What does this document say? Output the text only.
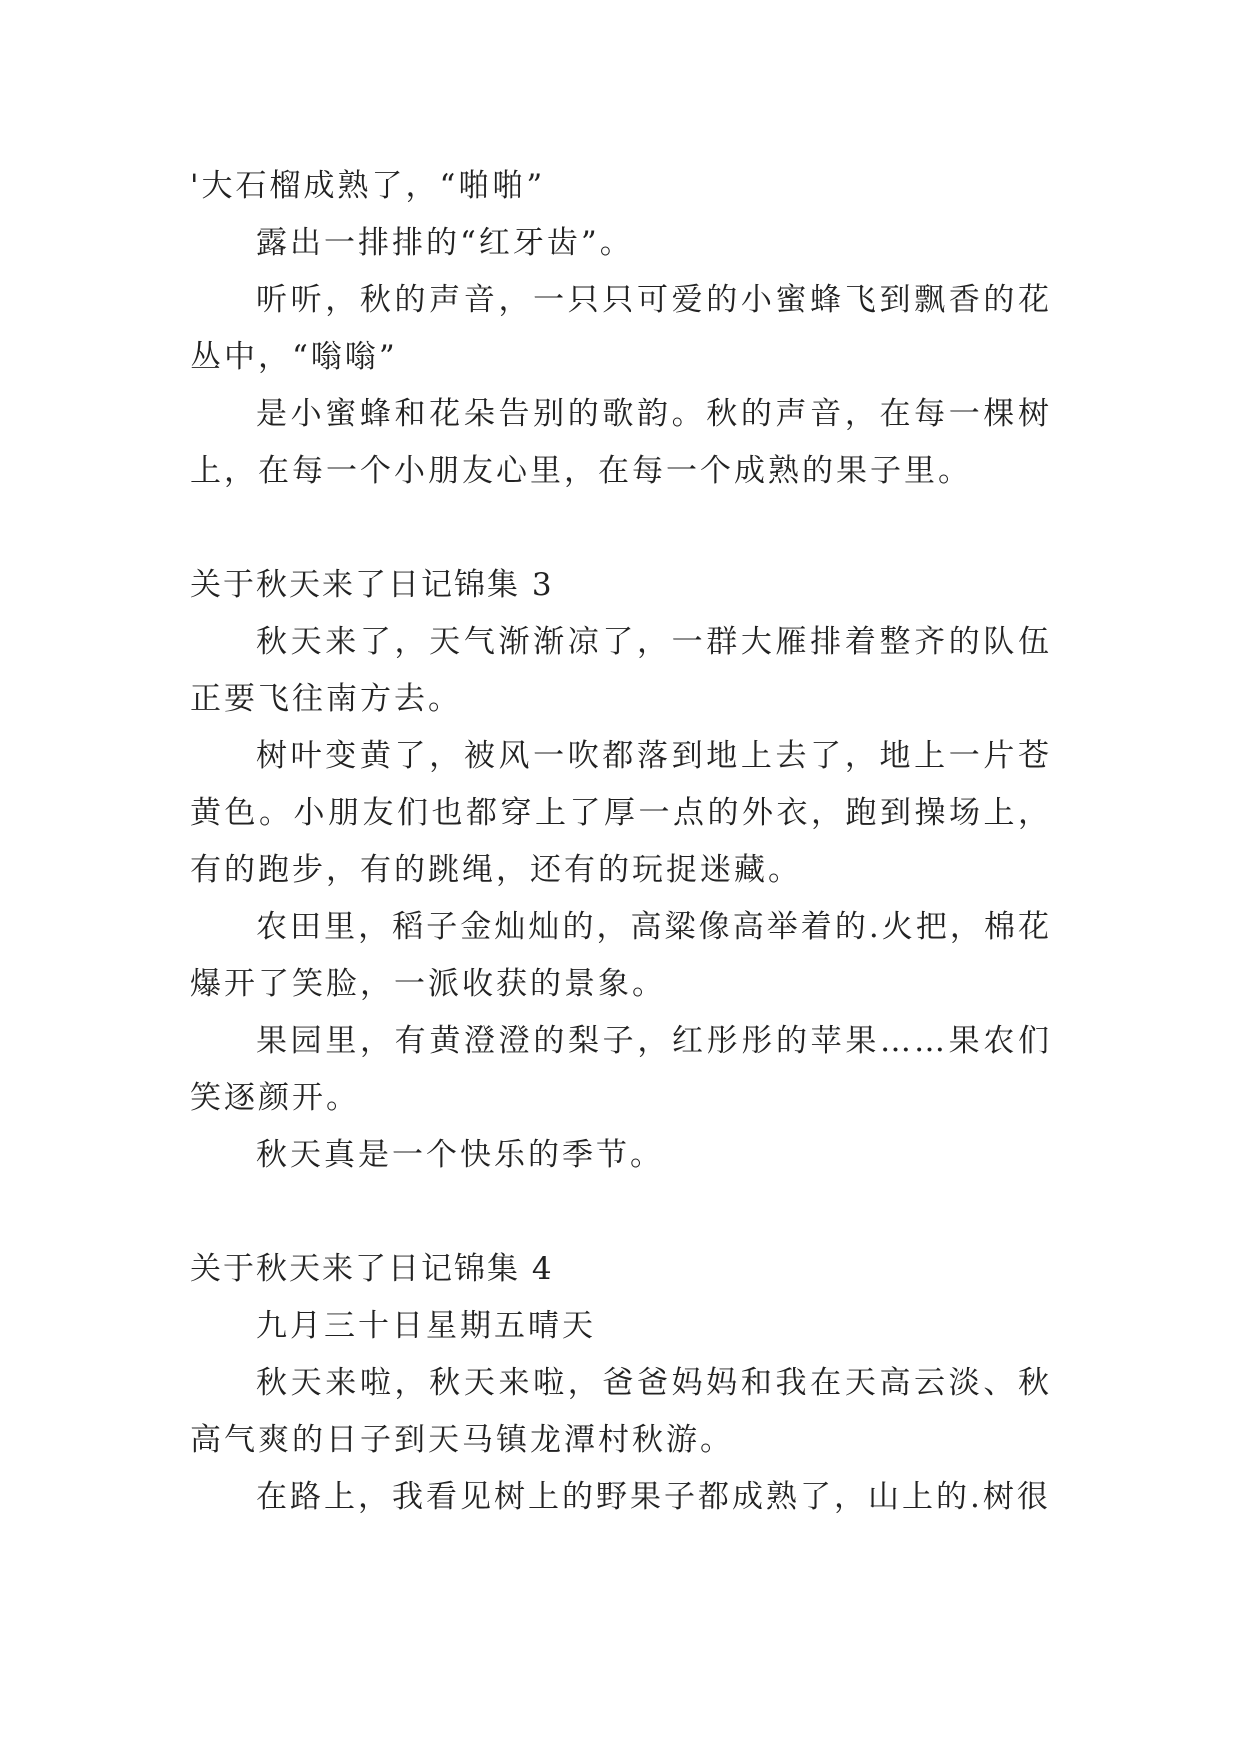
'大石榴成熟了，“啪啪”

露出一排排的“红牙齿”。

听听，秋的声音，一只只可爱的小蜜蜂飞到飘香的花丛中，“嗡嗡”

是小蜜蜂和花朵告别的歌韵。秋的声音，在每一棵树上，在每一个小朋友心里，在每一个成熟的果子里。

关于秋天来了日记锦集 3

秋天来了，天气渐渐凉了，一群大雁排着整齐的队伍正要飞往南方去。

树叶变黄了，被风一吹都落到地上去了，地上一片苍黄色。小朋友们也都穿上了厚一点的外衣，跑到操场上，有的跑步，有的跳绳，还有的玩捉迷藏。

农田里，稻子金灿灿的，高粱像高举着的.火把，棉花爆开了笑脸，一派收获的景象。

果园里，有黄澄澄的梨子，红彤彤的苹果……果农们笑逐颜开。

秋天真是一个快乐的季节。

关于秋天来了日记锦集 4

九月三十日星期五晴天

秋天来啦，秋天来啦，爸爸妈妈和我在天高云淡、秋高气爽的日子到天马镇龙潭村秋游。

在路上，我看见树上的野果子都成熟了，山上的.树很
